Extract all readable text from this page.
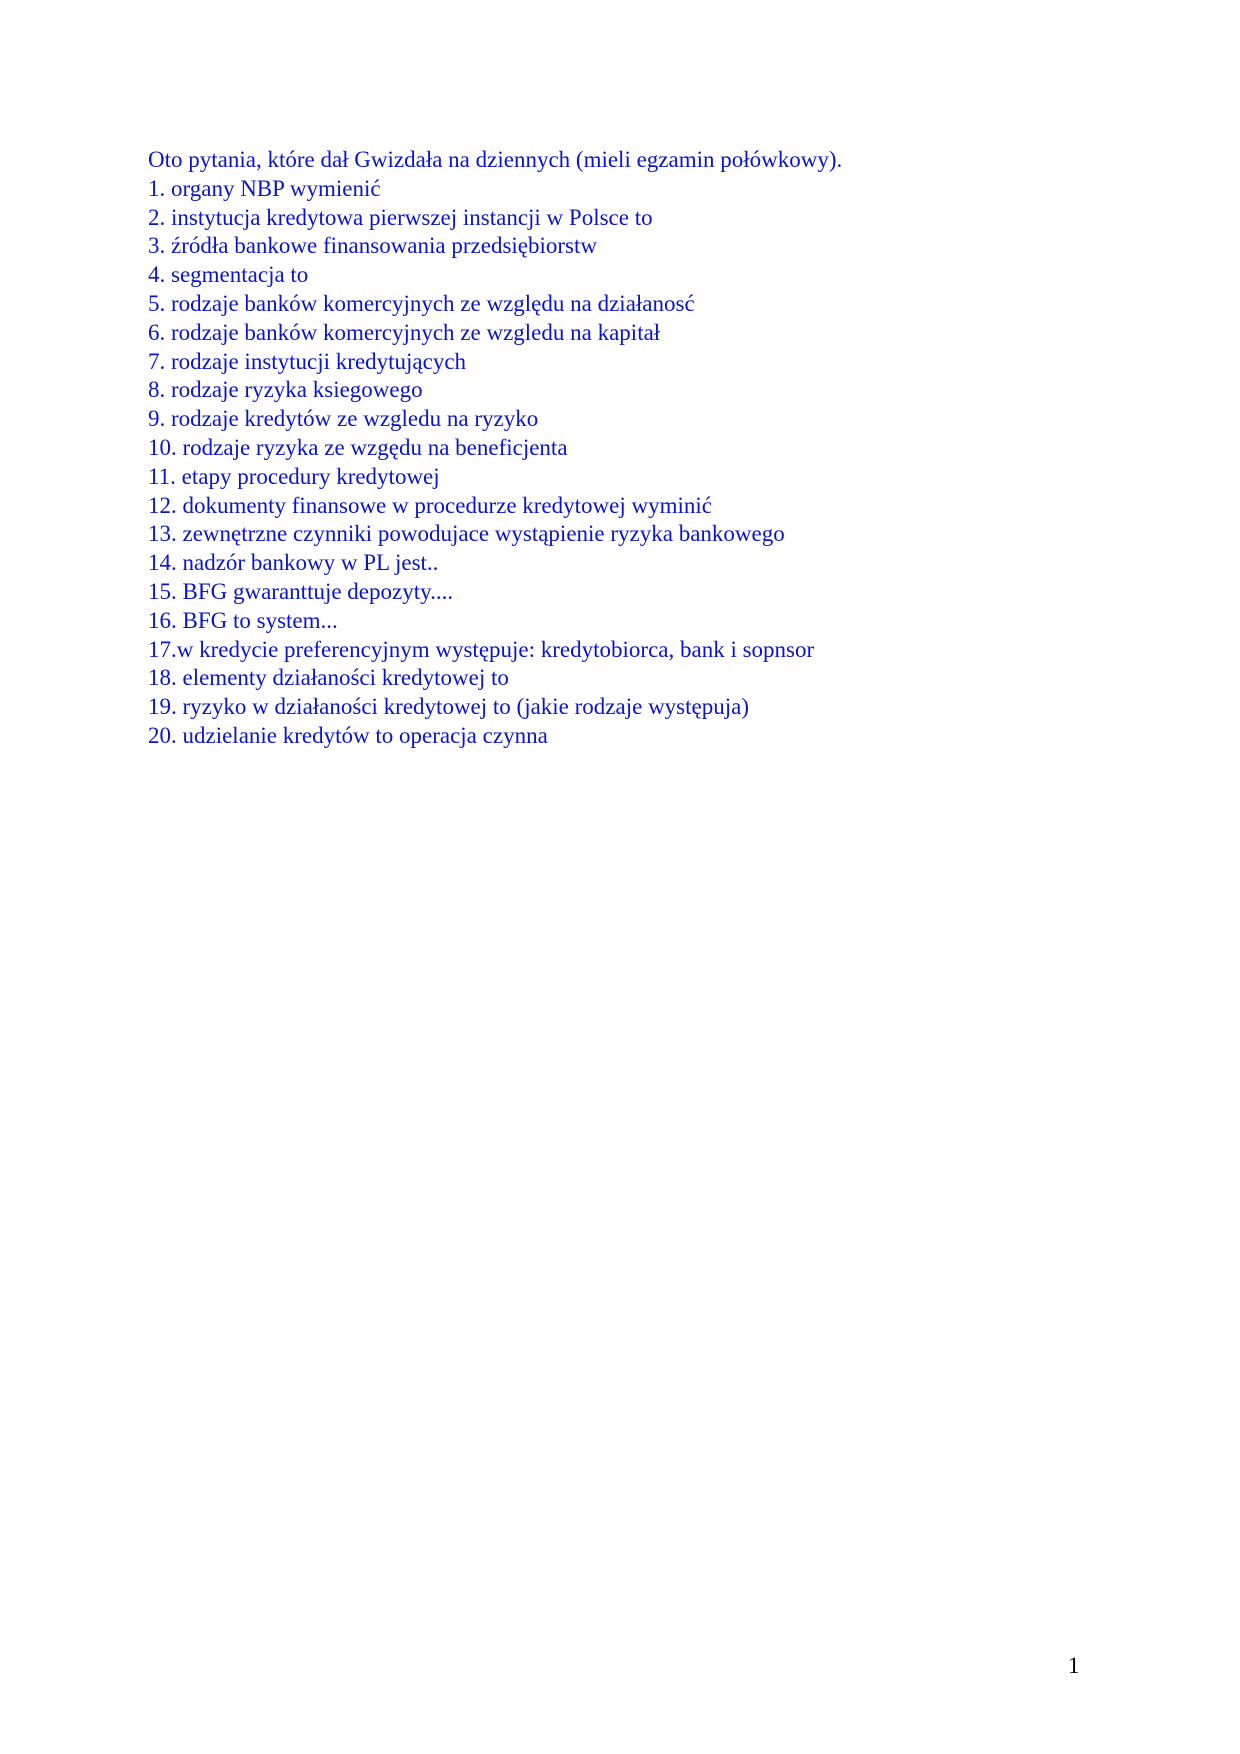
Oto pytania, które dał Gwizdała na dziennych (mieli egzamin połówkowy).

1. organy NBP wymienić
2. instytucja kredytowa pierwszej instancji w Polsce to
3. źródła bankowe finansowania przedsiębiorstw
4. segmentacja to
5. rodzaje banków komercyjnych ze względu na działanosć
6. rodzaje banków komercyjnych ze wzgledu na kapitał
7. rodzaje instytucji kredytujących
8. rodzaje ryzyka ksiegowego
9. rodzaje kredytów ze wzgledu na ryzyko
10. rodzaje ryzyka ze wzgędu na beneficjenta
11. etapy procedury kredytowej
12. dokumenty finansowe w procedurze kredytowej wyminić
13. zewnętrzne czynniki powodujace wystąpienie ryzyka bankowego
14. nadzór bankowy w PL jest..
15. BFG gwaranttuje depozyty....
16. BFG to system...
17.w kredycie preferencyjnym występuje: kredytobiorca, bank i sopnsor
18. elementy działaności kredytowej to
19. ryzyko w działaności kredytowej to (jakie rodzaje występuja)
20. udzielanie kredytów to operacja czynna
1
